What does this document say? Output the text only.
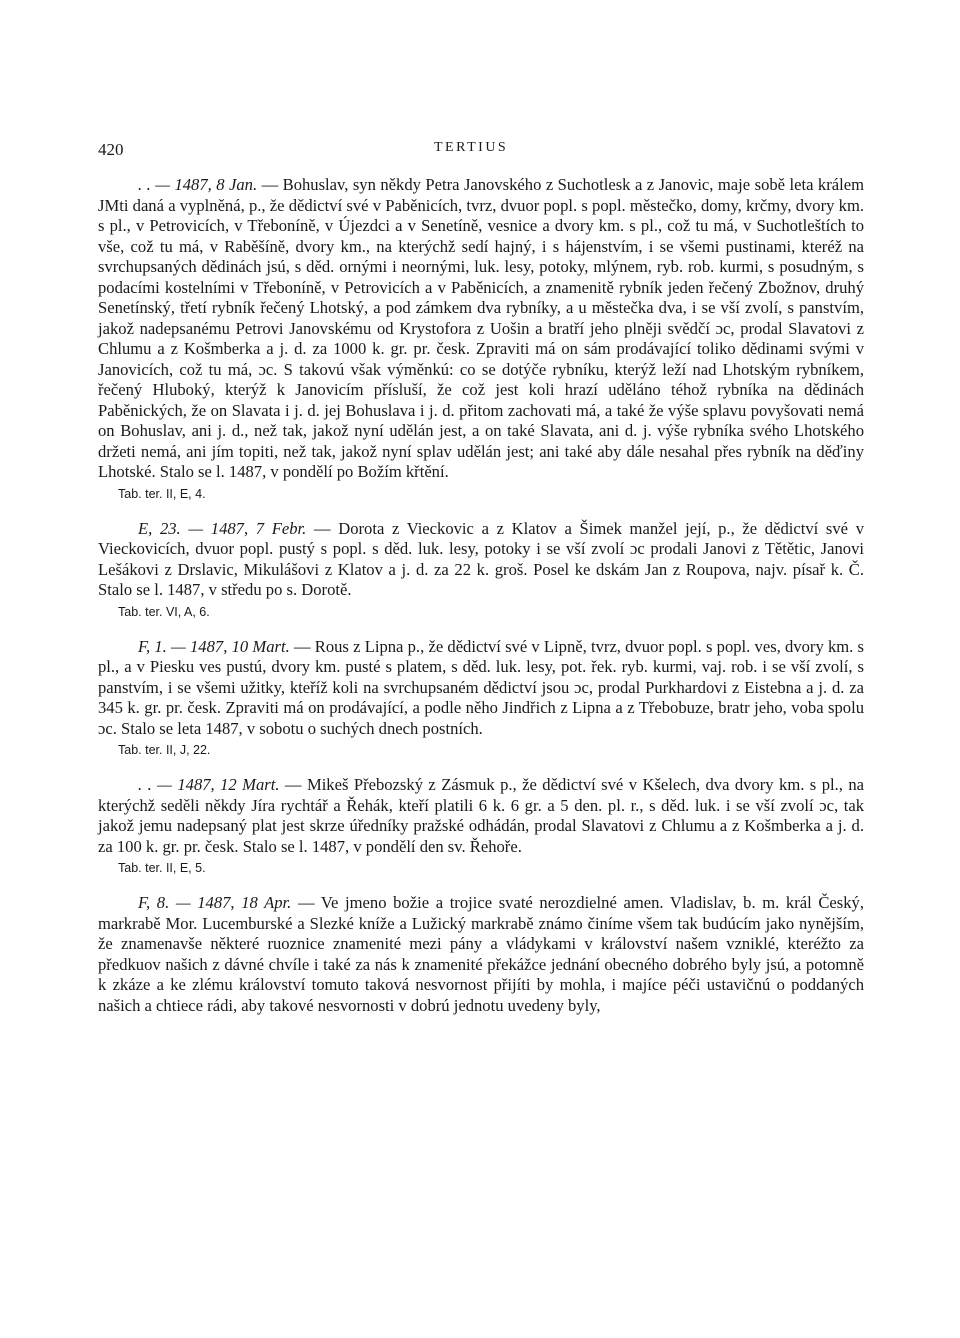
420	TERTIUS

. . — 1487, 8 Jan. — Bohuslav, syn někdy Petra Janovského z Suchotlesk a z Janovic, maje sobě leta králem JMti daná a vyplněná, p., že dědictví své v Paběnicích, tvrz, dvuor popl. s popl. městečko, domy, krčmy, dvory km. s pl., v Petrovicích, v Třeboníně, v Újezdci a v Senetíně, vesnice a dvory km. s pl., což tu má, v Suchotleštích to vše, což tu má, v Raběšíně, dvory km., na kterýchž sedí hajný, i s hájenstvím, i se všemi pustinami, kteréž na svrchupsaných dědinách jsú, s děd. ornými i neornými, luk. lesy, potoky, mlýnem, ryb. rob. kurmi, s posudným, s podacími kostelními v Třeboníně, v Petrovicích a v Paběnicích, a znamenitě rybník jeden řečený Zbožnov, druhý Senetínský, třetí rybník řečený Lhotský, a pod zámkem dva rybníky, a u městečka dva, i se vší zvolí, s panstvím, jakož nadepsanému Petrovi Janovskému od Krystofora z Uošin a bratří jeho plněji svědčí ɔc, prodal Slavatovi z Chlumu a z Košmberka a j. d. za 1000 k. gr. pr. česk. Zpraviti má on sám prodávající toliko dědinami svými v Janovicích, což tu má, ɔc. S takovú však výměnkú: co se dotýče rybníku, kterýž leží nad Lhotským rybníkem, řečený Hluboký, kterýž k Janovicím přísluší, že což jest koli hrazí uděláno téhož rybníka na dědinách Paběnických, že on Slavata i j. d. jej Bohuslava i j. d. přitom zachovati má, a také že výše splavu povyšovati nemá on Bohuslav, ani j. d., než tak, jakož nyní udělán jest, a on také Slavata, ani d. j. výše rybníka svého Lhotského držeti nemá, ani jím topiti, než tak, jakož nyní splav udělán jest; ani také aby dále nesahal přes rybník na děďiny Lhotské. Stalo se l. 1487, v pondělí po Božím křtění.

Tab. ter. II, E, 4.

E, 23. — 1487, 7 Febr. — Dorota z Vieckovic a z Klatov a Šimek manžel její, p., že dědictví své v Vieckovicích, dvuor popl. pustý s popl. s děd. luk. lesy, potoky i se vší zvolí ɔc prodali Janovi z Tětětic, Janovi Lešákovi z Drslavic, Mikulášovi z Klatov a j. d. za 22 k. groš. Posel ke dskám Jan z Roupova, najv. písař k. Č. Stalo se l. 1487, v středu po s. Dorotě.

Tab. ter. VI, A, 6.

F, 1. — 1487, 10 Mart. — Rous z Lipna p., že dědictví své v Lipně, tvrz, dvuor popl. s popl. ves, dvory km. s pl., a v Piesku ves pustú, dvory km. pusté s platem, s děd. luk. lesy, pot. řek. ryb. kurmi, vaj. rob. i se vší zvolí, s panstvím, i se všemi užitky, kteříž koli na svrchupsaném dědictví jsou ɔc, prodal Purkhardovi z Eistebna a j. d. za 345 k. gr. pr. česk. Zpraviti má on prodávající, a podle něho Jindřich z Lipna a z Třebobuze, bratr jeho, voba spolu ɔc. Stalo se leta 1487, v sobotu o suchých dnech postních.

Tab. ter. II, J, 22.

. . — 1487, 12 Mart. — Mikeš Přebozský z Zásmuk p., že dědictví své v Kšelech, dva dvory km. s pl., na kterýchž seděli někdy Jíra rychtář a Řehák, kteří platili 6 k. 6 gr. a 5 den. pl. r., s děd. luk. i se vší zvolí ɔc, tak jakož jemu nadepsaný plat jest skrze úředníky pražské odhádán, prodal Slavatovi z Chlumu a z Košmberka a j. d. za 100 k. gr. pr. česk. Stalo se l. 1487, v pondělí den sv. Řehoře.

Tab. ter. II, E, 5.

F, 8. — 1487, 18 Apr. — Ve jmeno božie a trojice svaté nerozdielné amen. Vladislav, b. m. král Český, markrabě Mor. Lucemburské a Slezké kníže a Lužický markrabě známo činíme všem tak budúcím jako nynějším, že znamenavše některé ruoznice znamenité mezi pány a vládykami v království našem vzniklé, kteréžto za předkuov našich z dávné chvíle i také za nás k znamenité překážce jednání obecného dobrého byly jsú, a potomně k zkáze a ke zlému království tomuto taková nesvornost přijíti by mohla, i majíce péči ustavičnú o poddaných našich a chtiece rádi, aby takové nesvornosti v dobrú jednotu uvedeny byly,
